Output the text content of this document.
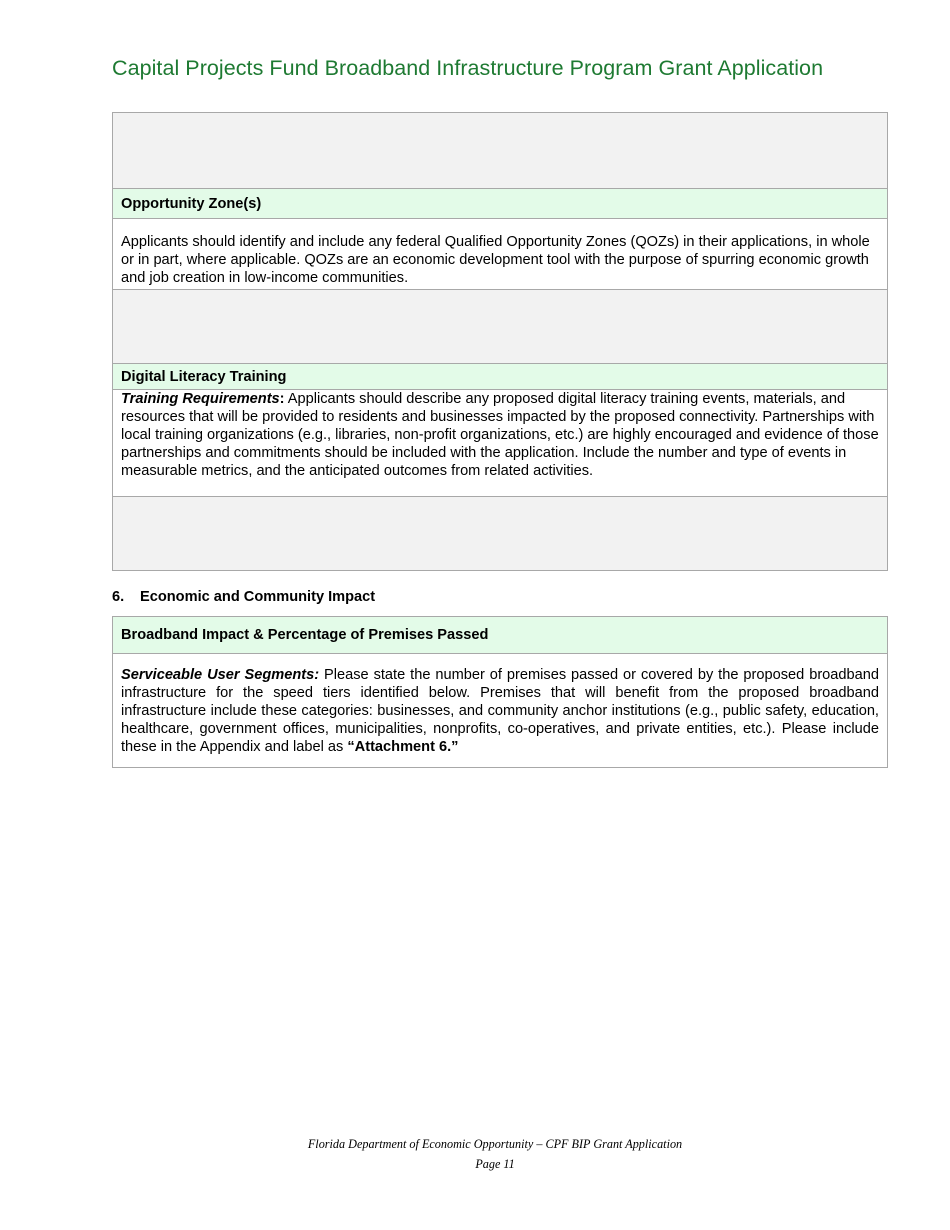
Capital Projects Fund Broadband Infrastructure Program Grant Application
Opportunity Zone(s)
Applicants should identify and include any federal Qualified Opportunity Zones (QOZs) in their applications, in whole or in part, where applicable. QOZs are an economic development tool with the purpose of spurring economic growth and job creation in low-income communities.
Digital Literacy Training
Training Requirements: Applicants should describe any proposed digital literacy training events, materials, and resources that will be provided to residents and businesses impacted by the proposed connectivity. Partnerships with local training organizations (e.g., libraries, non-profit organizations, etc.) are highly encouraged and evidence of those partnerships and commitments should be included with the application. Include the number and type of events in measurable metrics, and the anticipated outcomes from related activities.
6. Economic and Community Impact
Broadband Impact & Percentage of Premises Passed
Serviceable User Segments: Please state the number of premises passed or covered by the proposed broadband infrastructure for the speed tiers identified below. Premises that will benefit from the proposed broadband infrastructure include these categories: businesses, and community anchor institutions (e.g., public safety, education, healthcare, government offices, municipalities, nonprofits, co-operatives, and private entities, etc.). Please include these in the Appendix and label as “Attachment 6.”
Florida Department of Economic Opportunity – CPF BIP Grant Application
Page 11
